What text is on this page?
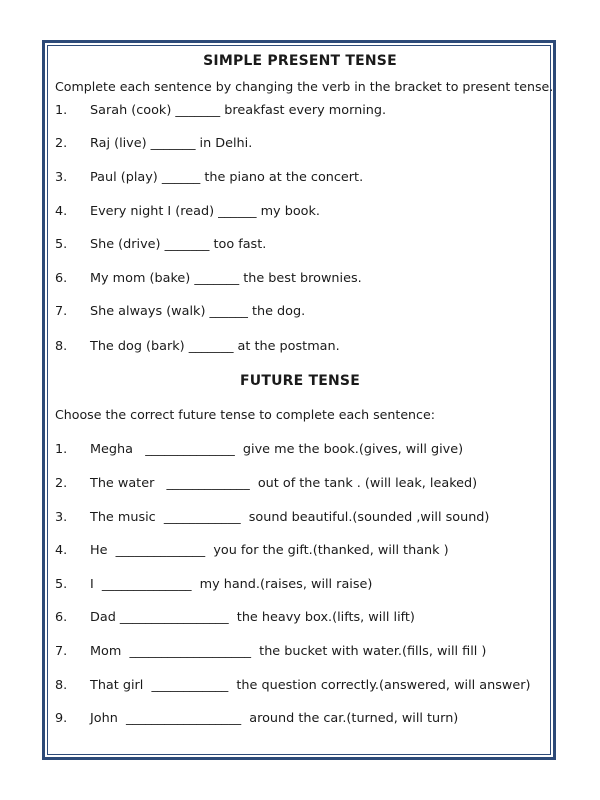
SIMPLE PRESENT TENSE
Complete each sentence by changing the verb in the bracket to present tense.
1.	Sarah (cook) _______ breakfast every morning.
2.	Raj (live) _______ in Delhi.
3.	Paul (play) ______ the piano at the concert.
4.	Every night I (read) ______ my book.
5.	She (drive) _______ too fast.
6.	My mom (bake) _______ the best brownies.
7.	She always (walk) ______ the dog.
8.	The dog (bark) _______ at the postman.
FUTURE TENSE
Choose the correct future tense to complete each sentence:
1.	Megha   ______________  give me the book.(gives, will give)
2.	The water   _____________  out of the tank . (will leak, leaked)
3.	The music  ____________  sound beautiful.(sounded ,will sound)
4.	He  ______________  you for the gift.(thanked, will thank )
5.	I  ______________  my hand.(raises, will raise)
6.	Dad _________________  the heavy box.(lifts, will lift)
7.	Mom  ___________________  the bucket with water.(fills, will fill )
8.	That girl  ____________  the question correctly.(answered, will answer)
9.	John  __________________  around the car.(turned, will turn)
